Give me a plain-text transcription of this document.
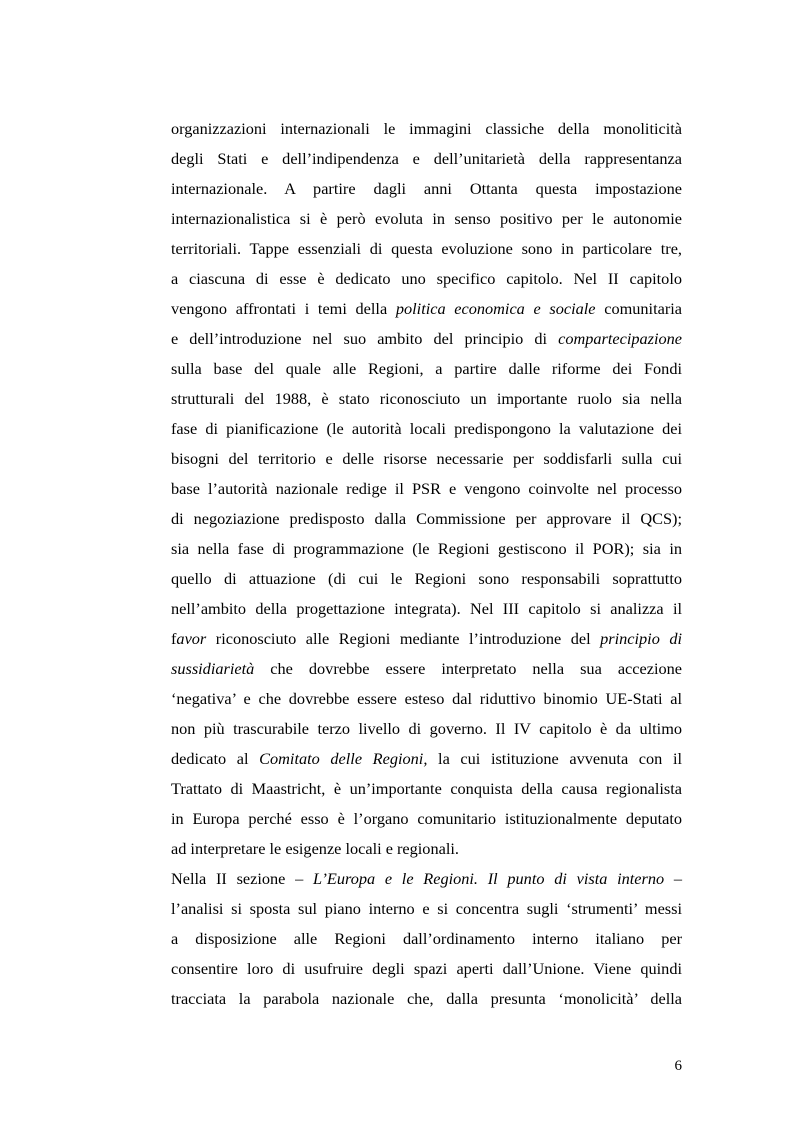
organizzazioni internazionali le immagini classiche della monoliticità
degli Stati e dell’indipendenza e dell’unitarietà della rappresentanza
internazionale. A partire dagli anni Ottanta questa impostazione
internazionalistica si è però evoluta in senso positivo per le autonomie
territoriali. Tappe essenziali di questa evoluzione sono in particolare tre,
a ciascuna di esse è dedicato uno specifico capitolo. Nel II capitolo
vengono affrontati i temi della politica economica e sociale comunitaria
e dell’introduzione nel suo ambito del principio di compartecipazione
sulla base del quale alle Regioni, a partire dalle riforme dei Fondi
strutturali del 1988, è stato riconosciuto un importante ruolo sia nella
fase di pianificazione (le autorità locali predispongono la valutazione dei
bisogni del territorio e delle risorse necessarie per soddisfarli sulla cui
base l’autorità nazionale redige il PSR e vengono coinvolte nel processo
di negoziazione predisposto dalla Commissione per approvare il QCS);
sia nella fase di programmazione (le Regioni gestiscono il POR); sia in
quello di attuazione (di cui le Regioni sono responsabili soprattutto
nell’ambito della progettazione integrata). Nel III capitolo si analizza il
favor riconosciuto alle Regioni mediante l’introduzione del principio di
sussidiarietà che dovrebbe essere interpretato nella sua accezione
‘negativa’ e che dovrebbe essere esteso dal riduttivo binomio UE-Stati al
non più trascurabile terzo livello di governo. Il IV capitolo è da ultimo
dedicato al Comitato delle Regioni, la cui istituzione avvenuta con il
Trattato di Maastricht, è un’importante conquista della causa regionalista
in Europa perché esso è l’organo comunitario istituzionalmente deputato
ad interpretare le esigenze locali e regionali.
Nella II sezione – L’Europa e le Regioni. Il punto di vista interno –
l’analisi si sposta sul piano interno e si concentra sugli ‘strumenti’ messi
a disposizione alle Regioni dall’ordinamento interno italiano per
consentire loro di usufruire degli spazi aperti dall’Unione. Viene quindi
tracciata la parabola nazionale che, dalla presunta ‘monolicità’ della
6
